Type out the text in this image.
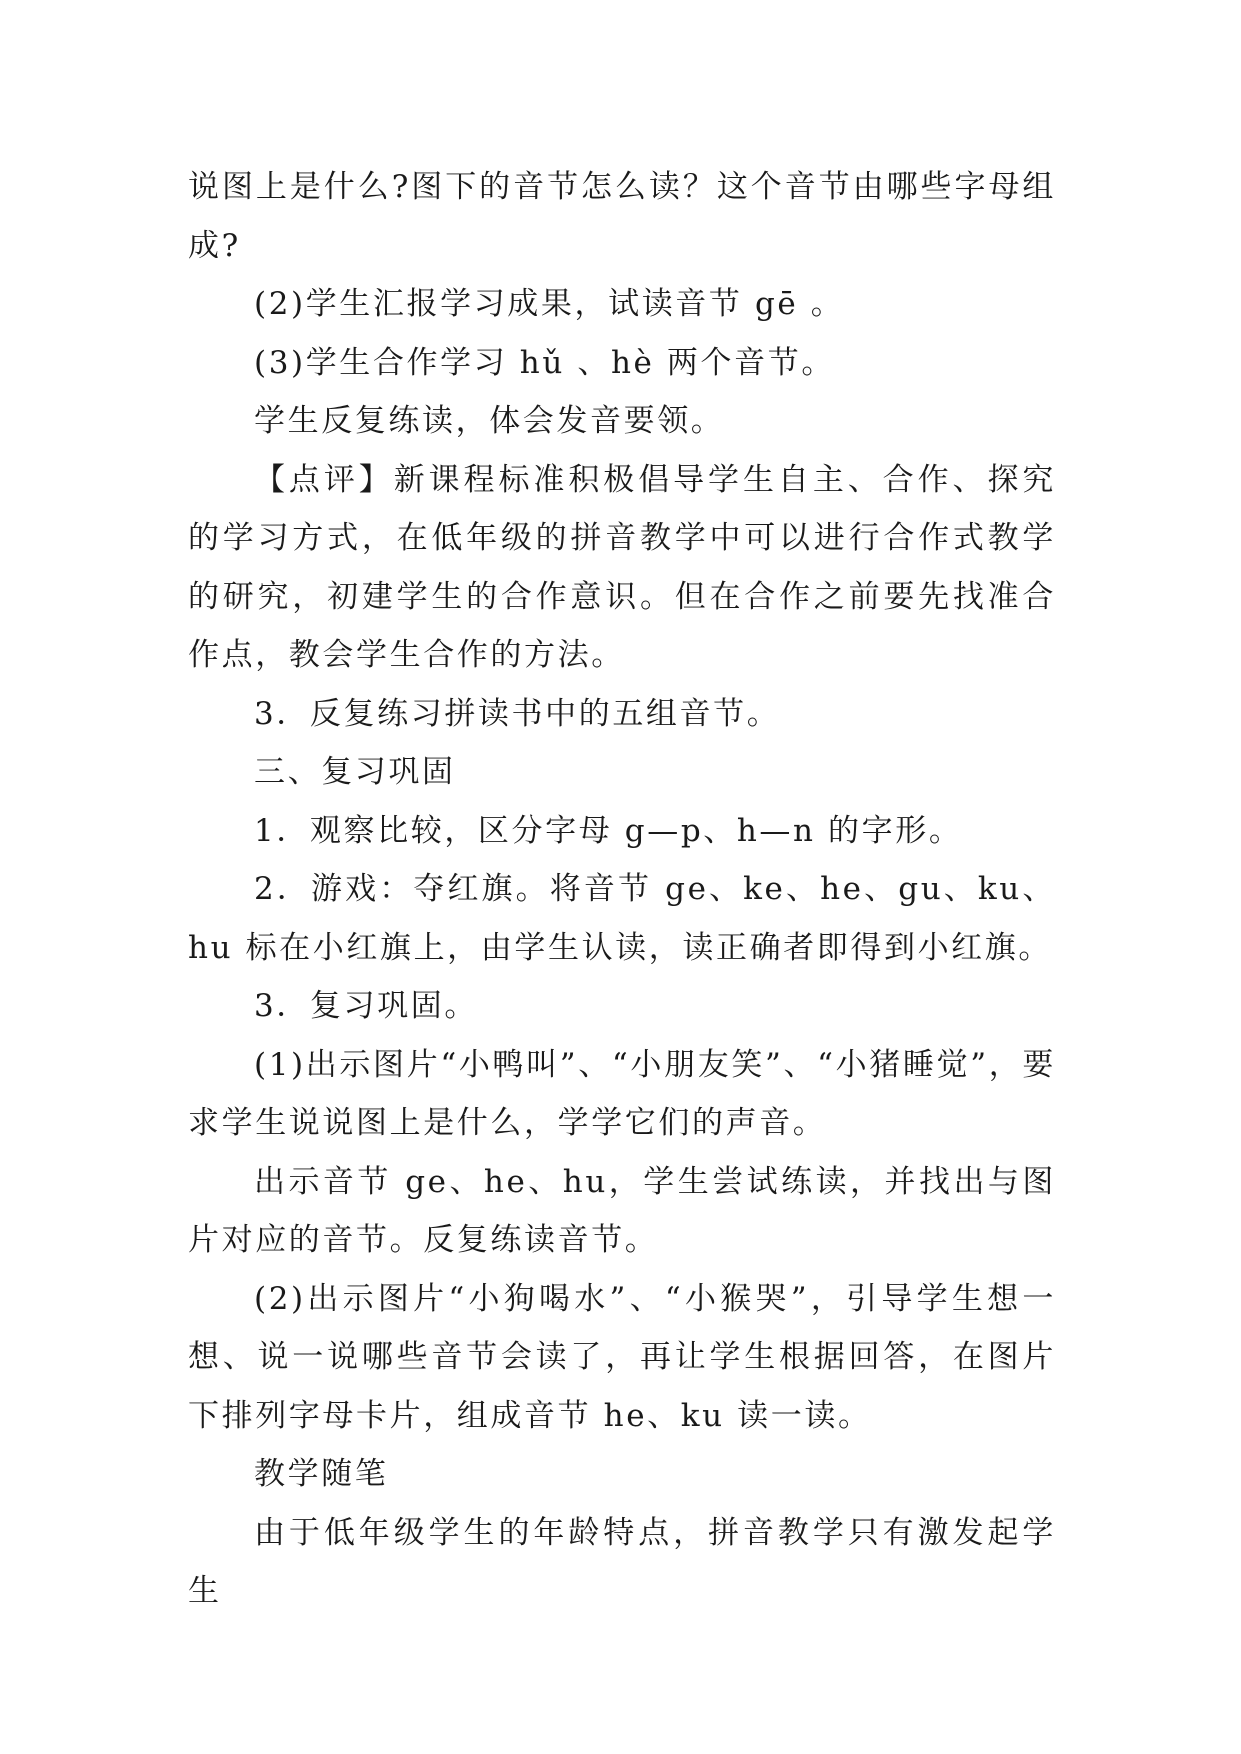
说图上是什么?图下的音节怎么读？这个音节由哪些字母组成?

(2)学生汇报学习成果，试读音节 gē 。

(3)学生合作学习 hǔ 、hè 两个音节。

学生反复练读，体会发音要领。

【点评】新课程标准积极倡导学生自主、合作、探究的学习方式，在低年级的拼音教学中可以进行合作式教学的研究，初建学生的合作意识。但在合作之前要先找准合作点，教会学生合作的方法。

3．反复练习拼读书中的五组音节。

三、复习巩固

1．观察比较，区分字母 g—p、h—n 的字形。

2．游戏：夺红旗。将音节 ge、ke、he、gu、ku、hu 标在小红旗上，由学生认读，读正确者即得到小红旗。

3．复习巩固。

(1)出示图片“小鸭叫”、“小朋友笑”、“小猪睡觉”，要求学生说说图上是什么，学学它们的声音。

出示音节 ge、he、hu，学生尝试练读，并找出与图片对应的音节。反复练读音节。

(2)出示图片“小狗喝水”、“小猴哭”，引导学生想一想、说一说哪些音节会读了，再让学生根据回答，在图片下排列字母卡片，组成音节 he、ku 读一读。

教学随笔

由于低年级学生的年龄特点，拼音教学只有激发起学生
